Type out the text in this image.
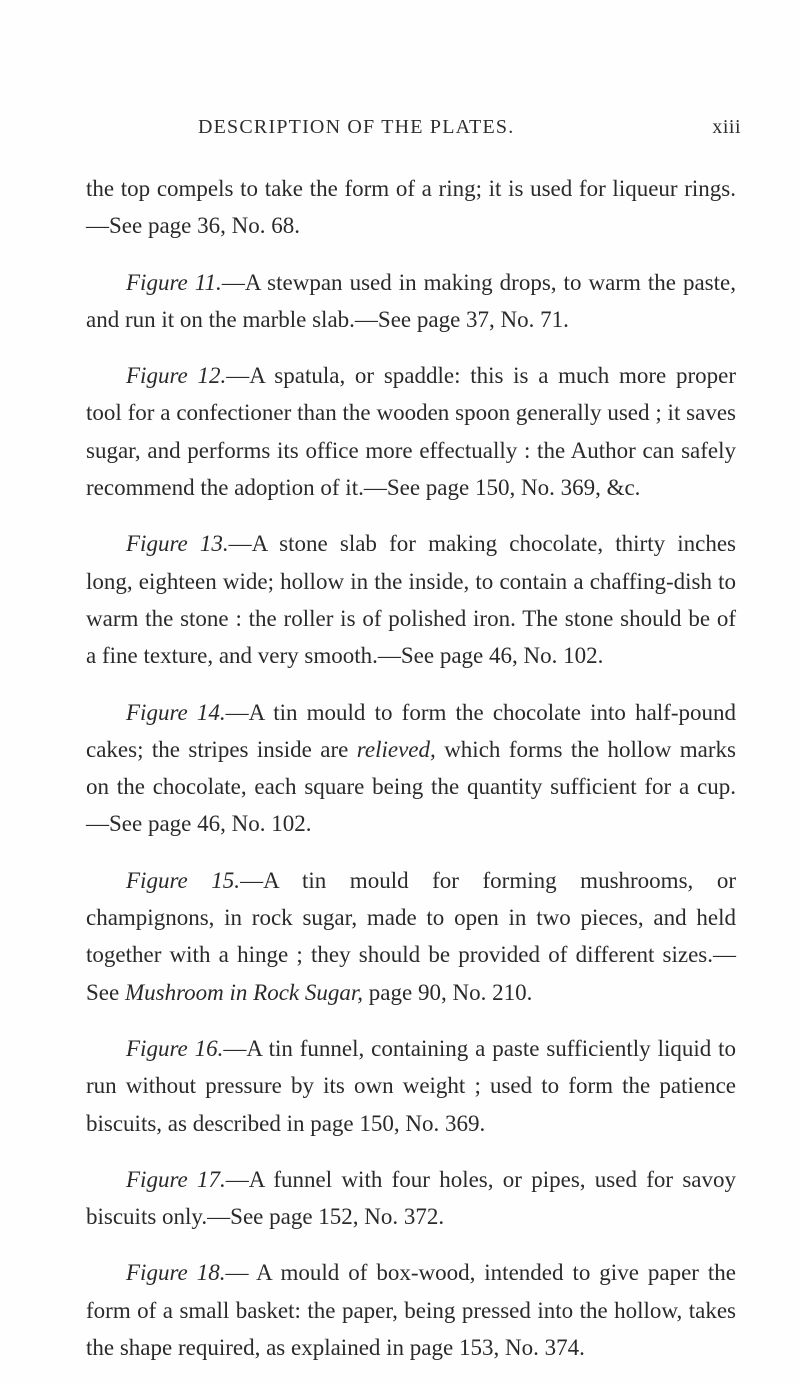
DESCRIPTION OF THE PLATES.	xiii

the top compels to take the form of a ring; it is used for liqueur rings.—See page 36, No. 68.

Figure 11.—A stewpan used in making drops, to warm the paste, and run it on the marble slab.—See page 37, No. 71.

Figure 12.—A spatula, or spaddle: this is a much more proper tool for a confectioner than the wooden spoon generally used ; it saves sugar, and performs its office more effectually : the Author can safely recommend the adoption of it.—See page 150, No. 369, &c.

Figure 13.—A stone slab for making chocolate, thirty inches long, eighteen wide; hollow in the inside, to contain a chaffing-dish to warm the stone : the roller is of polished iron. The stone should be of a fine texture, and very smooth.—See page 46, No. 102.

Figure 14.—A tin mould to form the chocolate into half-pound cakes; the stripes inside are relieved, which forms the hollow marks on the chocolate, each square being the quantity sufficient for a cup.—See page 46, No. 102.

Figure 15.—A tin mould for forming mushrooms, or champignons, in rock sugar, made to open in two pieces, and held together with a hinge ; they should be provided of different sizes.—See Mushroom in Rock Sugar, page 90, No. 210.

Figure 16.—A tin funnel, containing a paste sufficiently liquid to run without pressure by its own weight ; used to form the patience biscuits, as described in page 150, No. 369.

Figure 17.—A funnel with four holes, or pipes, used for savoy biscuits only.—See page 152, No. 372.

Figure 18.— A mould of box-wood, intended to give paper the form of a small basket: the paper, being pressed into the hollow, takes the shape required, as explained in page 153, No. 374.
